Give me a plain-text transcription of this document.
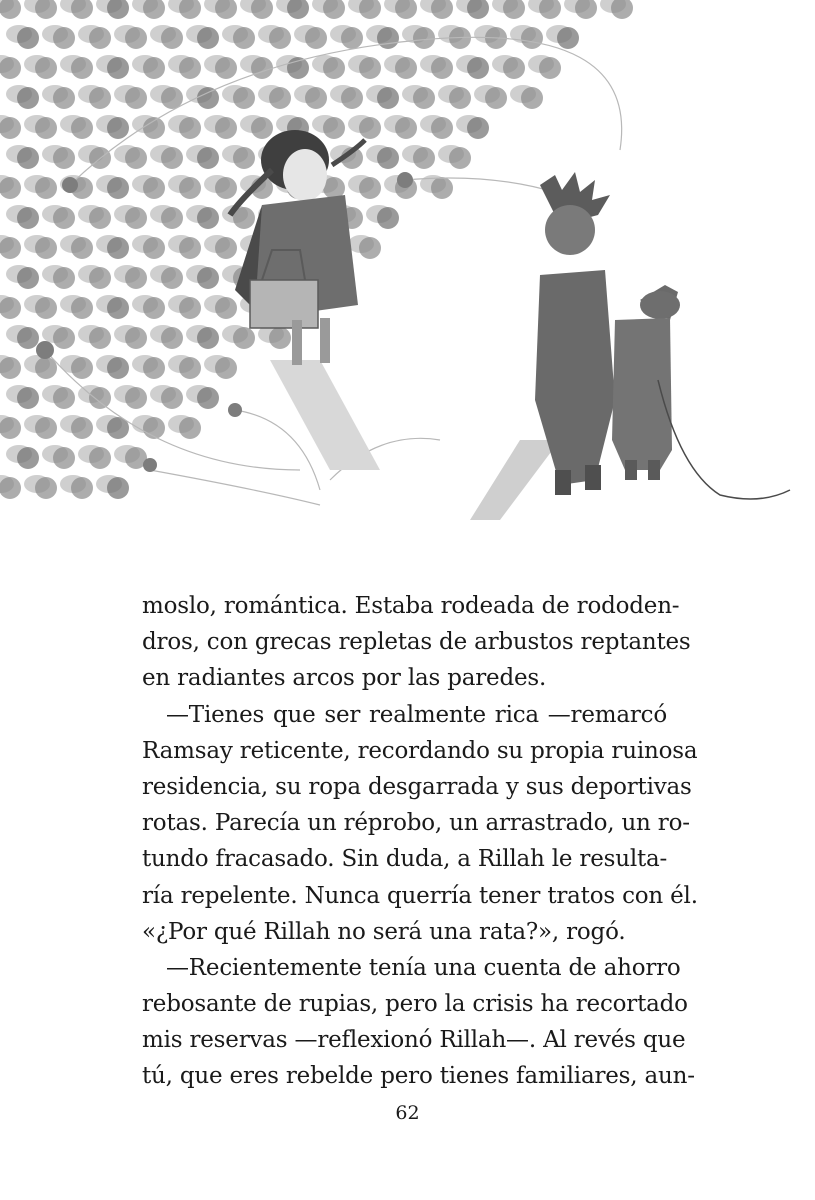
moslo, romántica. Estaba rodeada de rododen-
dros, con grecas repletas de arbustos reptantes
en radiantes arcos por las paredes.
—Tienes que ser realmente rica —remarcó
Ramsay reticente, recordando su propia ruinosa
residencia, su ropa desgarrada y sus deportivas
rotas. Parecía un réprobo, un arrastrado, un ro-
tundo fracasado. Sin duda, a Rillah le resulta-
ría repelente. Nunca querría tener tratos con él.
«¿Por qué Rillah no será una rata?», rogó.
—Recientemente tenía una cuenta de ahorro
rebosante de rupias, pero la crisis ha recortado
mis reservas —reflexionó Rillah—. Al revés que
tú, que eres rebelde pero tienes familiares, aun-
62
